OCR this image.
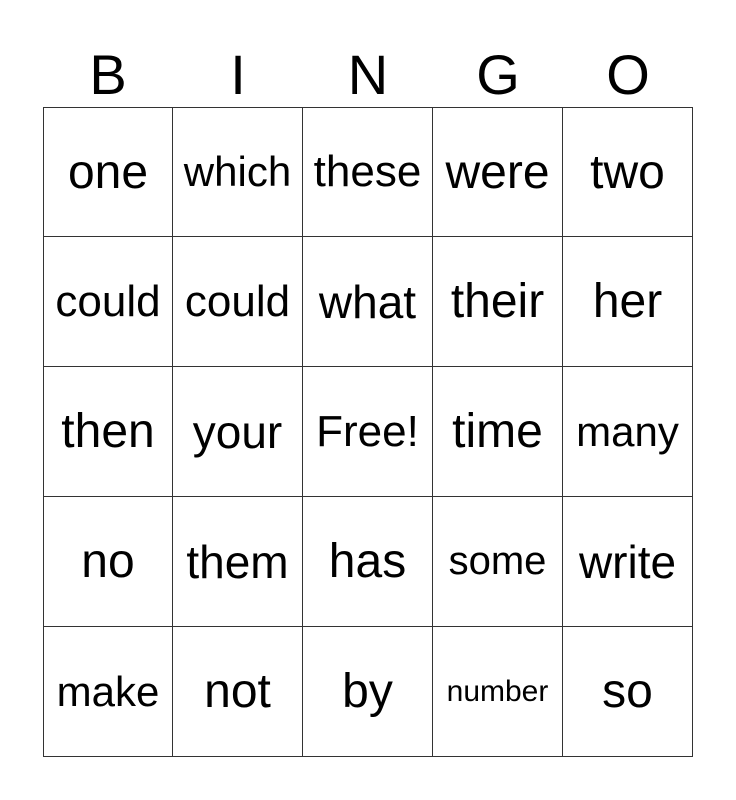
B	I	N	G	O
one which these were two
could could what their	her
then your Free! time many
no	them has	some write
make not	by	number	so
